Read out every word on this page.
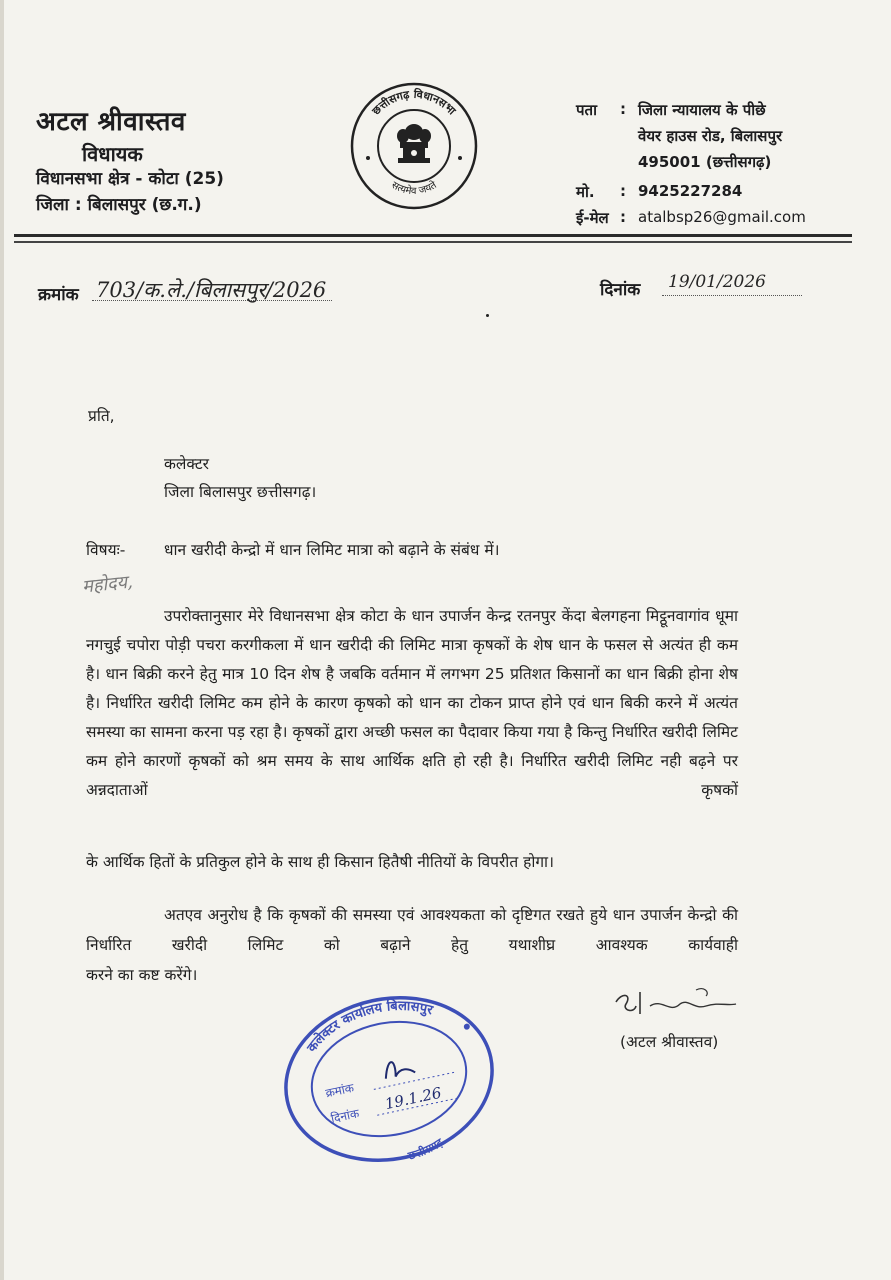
अटल श्रीवास्तव
विधायक
विधानसभा क्षेत्र - कोटा (25)
जिला : बिलासपुर (छ.ग.)
छत्तीसगढ़ विधानसभा
सत्यमेव जयते
पता : जिला न्यायालय के पीछे
वेयर हाउस रोड, बिलासपुर
495001 (छत्तीसगढ़)
मो. : 9425227284
ई-मेल : atalbsp26@gmail.com
क्रमांक 703/क.ले./बिलासपुर/2026	दिनांक 19/01/2026
प्रति,
कलेक्टर
जिला बिलासपुर छत्तीसगढ़।
विषयः- धान खरीदी केन्द्रो में धान लिमिट मात्रा को बढ़ाने के संबंध में।
महोदय,
उपरोक्तानुसार मेरे विधानसभा क्षेत्र कोटा के धान उपार्जन केन्द्र रतनपुर केंदा बेलगहना मिट्ठूनवागांव धूमा नगचुई चपोरा पोड़ी पचरा करगीकला में धान खरीदी की लिमिट मात्रा कृषकों के शेष धान के फसल से अत्यंत ही कम है। धान बिक्री करने हेतु मात्र 10 दिन शेष है जबकि वर्तमान में लगभग 25 प्रतिशत किसानों का धान बिक्री होना शेष है। निर्धारित खरीदी लिमिट कम होने के कारण कृषको को धान का टोकन प्राप्त होने एवं धान बिकी करने में अत्यंत समस्या का सामना करना पड़ रहा है। कृषकों द्वारा अच्छी फसल का पैदावार किया गया है किन्तु निर्धारित खरीदी लिमिट कम होने कारणों कृषकों को श्रम समय के साथ आर्थिक क्षति हो रही है। निर्धारित खरीदी लिमिट नही बढ़ने पर अन्नदाताओं कृषकों
के आर्थिक हितों के प्रतिकुल होने के साथ ही किसान हितैषी नीतियों के विपरीत होगा।
अतएव अनुरोध है कि कृषकों की समस्या एवं आवश्यकता को दृष्टिगत रखते हुये धान उपार्जन केन्द्रो की निर्धारित खरीदी लिमिट को बढ़ाने हेतु यथाशीघ्र आवश्यक कार्यवाही
करने का कष्ट करेंगे।
(अटल श्रीवास्तव)
कलेक्टर कार्यालय बिलासपुर
छत्तीसगढ़
क्रमांक
दिनांक
19.1.26
